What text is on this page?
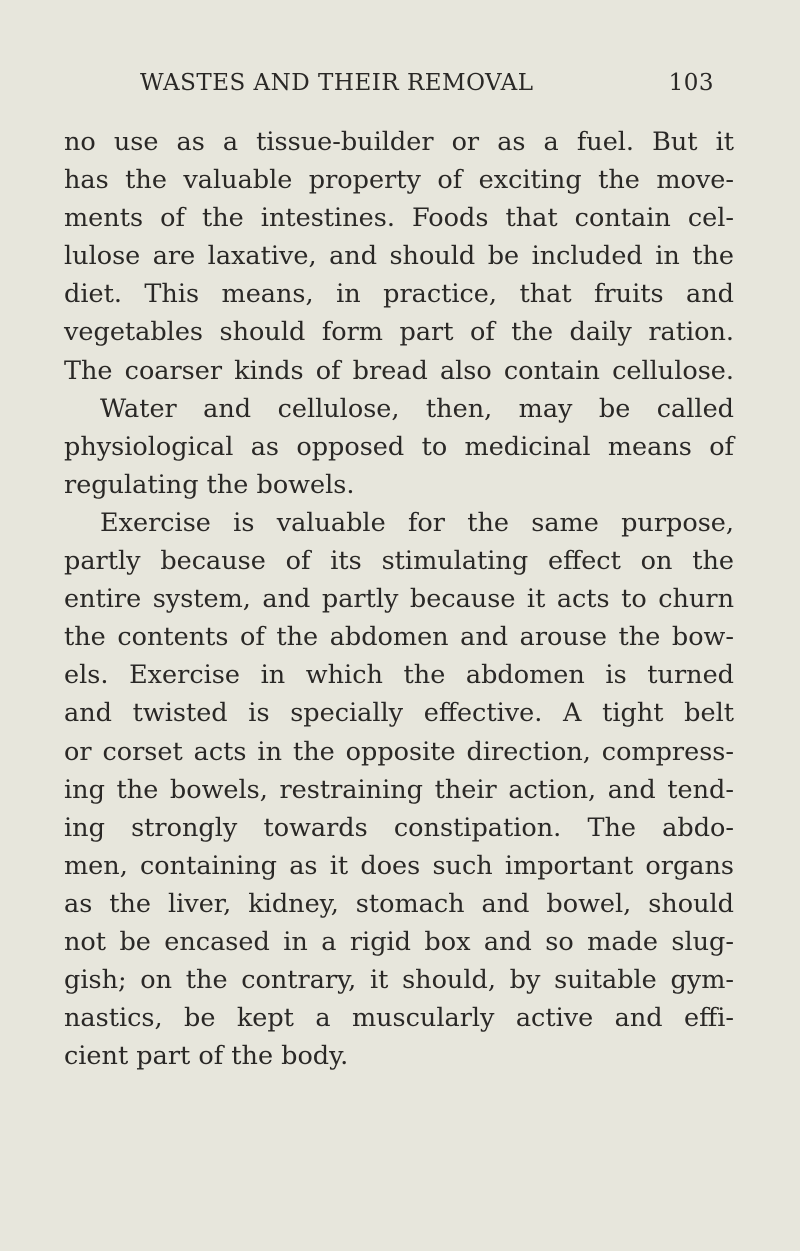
WASTES AND THEIR REMOVAL	103
no use as a tissue-builder or as a fuel. But it
has the valuable property of exciting the move-
ments of the intestines. Foods that contain cel-
lulose are laxative, and should be included in the
diet. This means, in practice, that fruits and
vegetables should form part of the daily ration.
The coarser kinds of bread also contain cellulose.
Water and cellulose, then, may be called
physiological as opposed to medicinal means of
regulating the bowels.
Exercise is valuable for the same purpose,
partly because of its stimulating effect on the
entire system, and partly because it acts to churn
the contents of the abdomen and arouse the bow-
els. Exercise in which the abdomen is turned
and twisted is specially effective. A tight belt
or corset acts in the opposite direction, compress-
ing the bowels, restraining their action, and tend-
ing strongly towards constipation. The abdo-
men, containing as it does such important organs
as the liver, kidney, stomach and bowel, should
not be encased in a rigid box and so made slug-
gish; on the contrary, it should, by suitable gym-
nastics, be kept a muscularly active and effi-
cient part of the body.
